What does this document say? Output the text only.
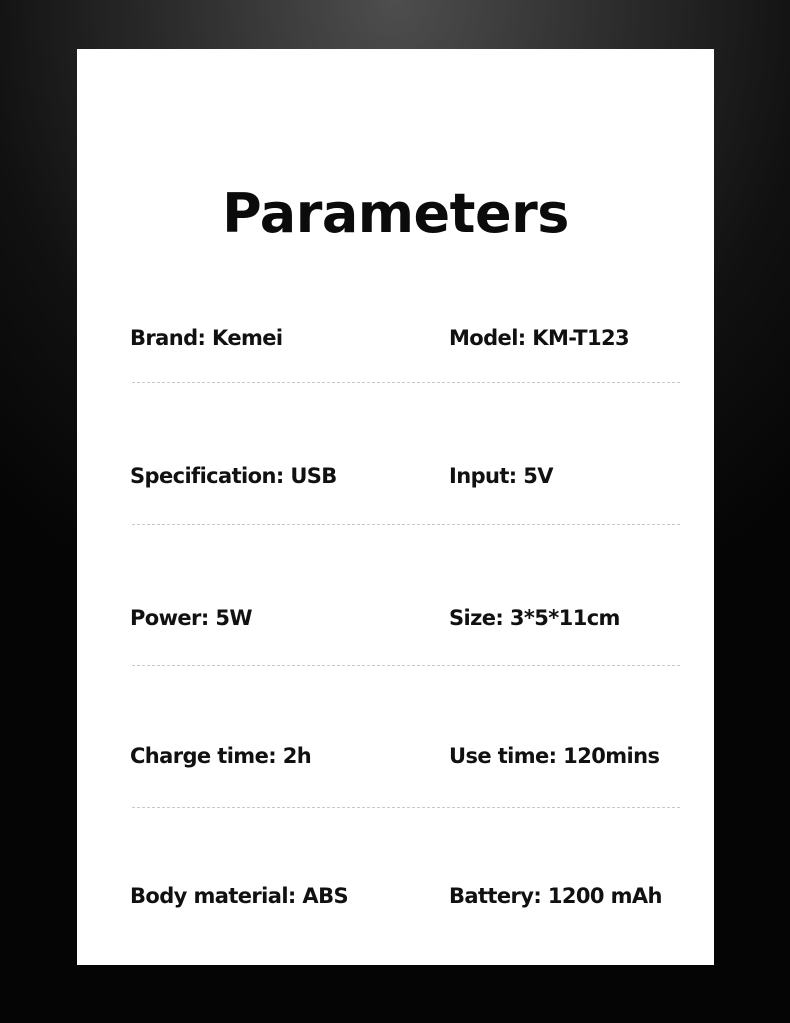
Parameters
Brand: Kemei	Model: KM-T123
Specification: USB	Input: 5V
Power: 5W	Size: 3*5*11cm
Charge time: 2h	Use time: 120mins
Body material: ABS	Battery: 1200 mAh
